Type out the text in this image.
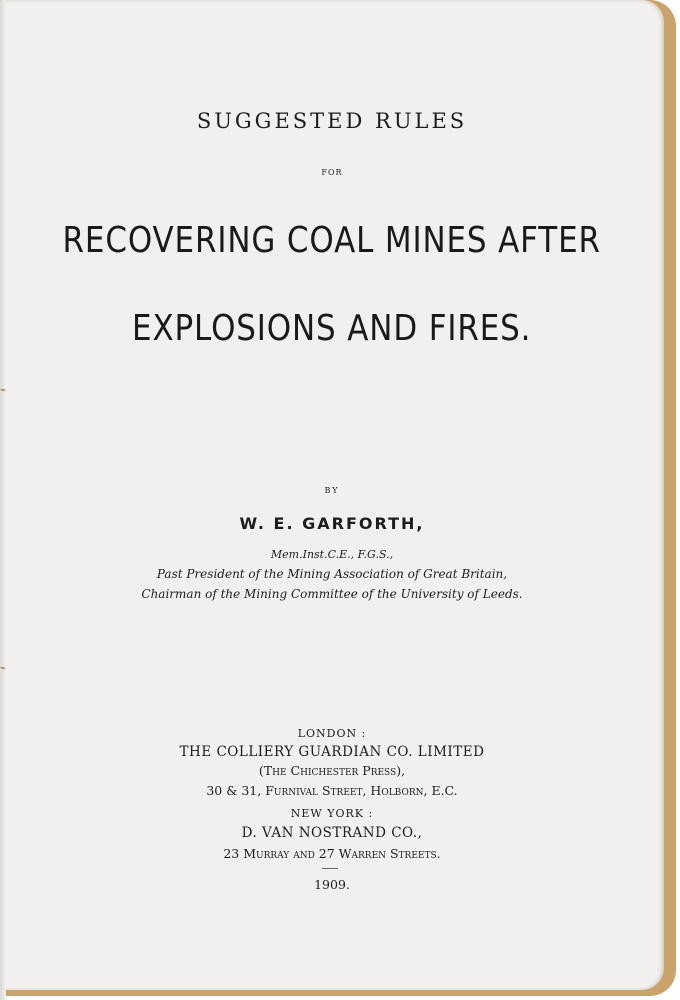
⌁
⌁
SUGGESTED RULES
FOR
RECOVERING COAL MINES AFTER
EXPLOSIONS AND FIRES.
BY
W. E. GARFORTH,
Mem.Inst.C.E., F.G.S.,
Past President of the Mining Association of Great Britain,
Chairman of the Mining Committee of the University of Leeds.
LONDON :
THE COLLIERY GUARDIAN CO. LIMITED
(The Chichester Press),
30 & 31, Furnival Street, Holborn, E.C.
NEW YORK :
D. VAN NOSTRAND CO.,
23 Murray and 27 Warren Streets.
1909.
